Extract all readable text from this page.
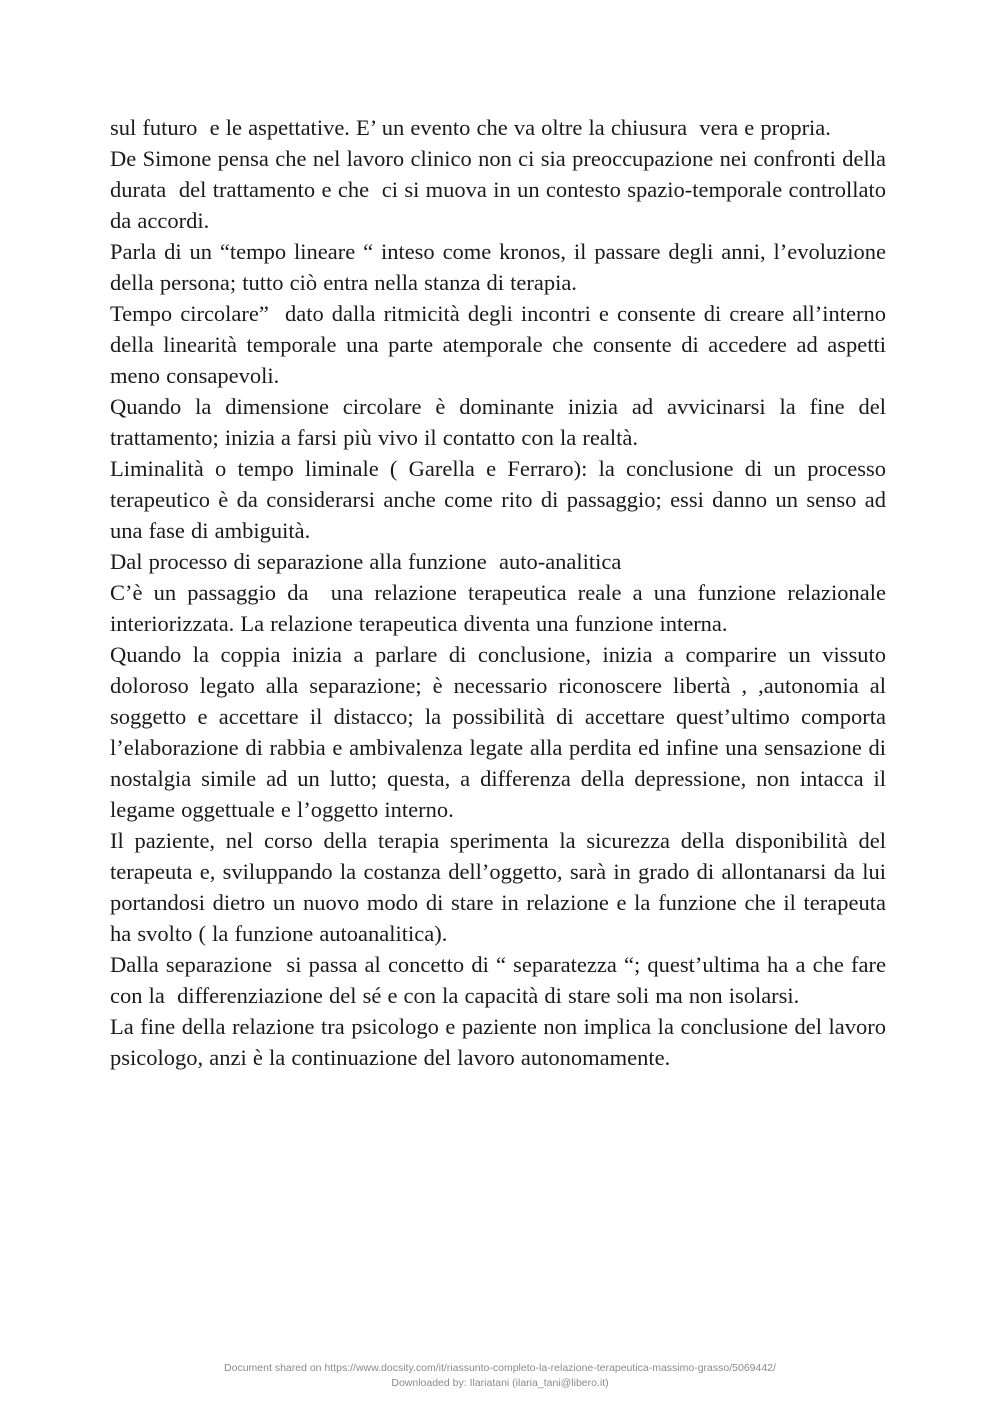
sul futuro  e le aspettative. E’ un evento che va oltre la chiusura  vera e propria.

De Simone pensa che nel lavoro clinico non ci sia preoccupazione nei confronti della durata  del trattamento e che  ci si muova in un contesto spazio-temporale controllato da accordi.

Parla di un “tempo lineare “ inteso come kronos, il passare degli anni, l’evoluzione della persona; tutto ciò entra nella stanza di terapia.

Tempo circolare”  dato dalla ritmicità degli incontri e consente di creare all’interno della linearità temporale una parte atemporale che consente di accedere ad aspetti meno consapevoli.

Quando la dimensione circolare è dominante inizia ad avvicinarsi la fine del trattamento; inizia a farsi più vivo il contatto con la realtà.

Liminalità o tempo liminale ( Garella e Ferraro): la conclusione di un processo terapeutico è da considerarsi anche come rito di passaggio; essi danno un senso ad una fase di ambiguità.

Dal processo di separazione alla funzione  auto-analitica

C’è un passaggio da  una relazione terapeutica reale a una funzione relazionale interiorizzata. La relazione terapeutica diventa una funzione interna.

Quando la coppia inizia a parlare di conclusione, inizia a comparire un vissuto doloroso legato alla separazione; è necessario riconoscere libertà , ,autonomia al soggetto e accettare il distacco; la possibilità di accettare quest’ultimo comporta l’elaborazione di rabbia e ambivalenza legate alla perdita ed infine una sensazione di nostalgia simile ad un lutto; questa, a differenza della depressione, non intacca il legame oggettuale e l’oggetto interno.

Il paziente, nel corso della terapia sperimenta la sicurezza della disponibilità del terapeuta e, sviluppando la costanza dell’oggetto, sarà in grado di allontanarsi da lui portandosi dietro un nuovo modo di stare in relazione e la funzione che il terapeuta ha svolto ( la funzione autoanalitica).

Dalla separazione  si passa al concetto di “ separatezza “; quest’ultima ha a che fare con la  differenziazione del sé e con la capacità di stare soli ma non isolarsi.

La fine della relazione tra psicologo e paziente non implica la conclusione del lavoro psicologo, anzi è la continuazione del lavoro autonomamente.

Document shared on https://www.docsity.com/it/riassunto-completo-la-relazione-terapeutica-massimo-grasso/5069442/
Downloaded by: Ilariatani (ilaria_tani@libero.it)
